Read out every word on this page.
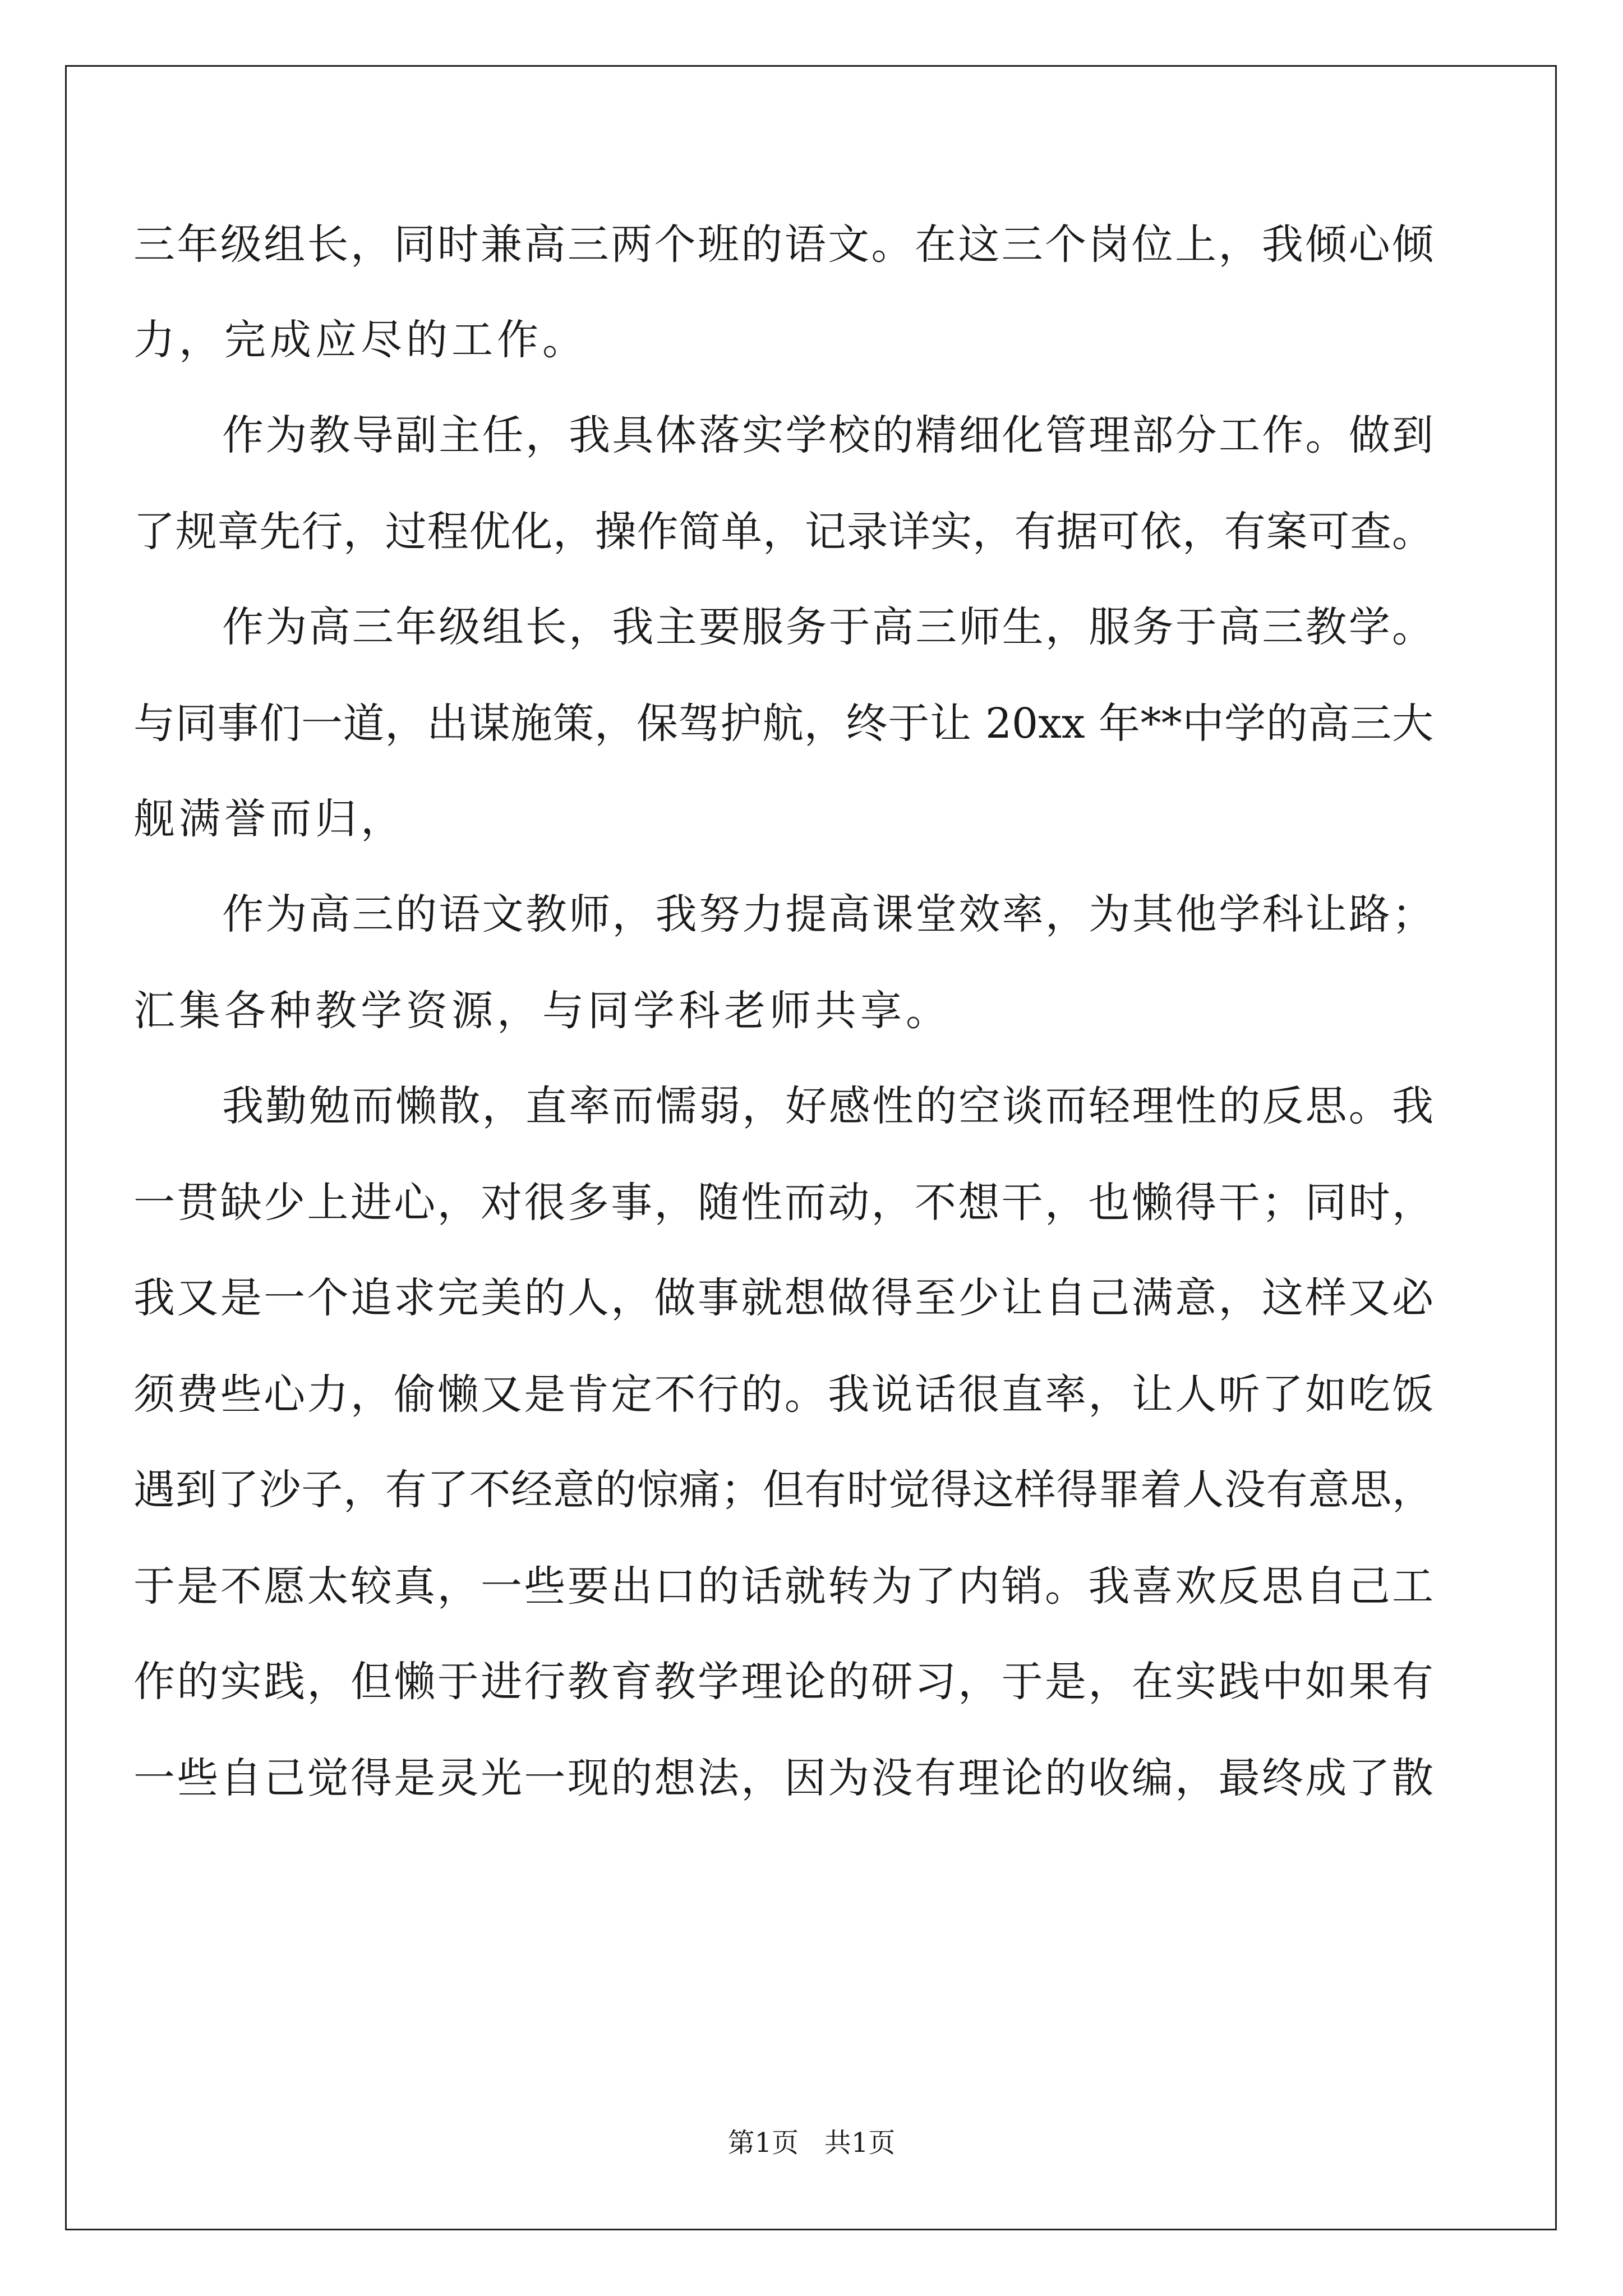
三年级组长，同时兼高三两个班的语文。在这三个岗位上，我倾心倾
力，完成应尽的工作。
作为教导副主任，我具体落实学校的精细化管理部分工作。做到
了规章先行，过程优化，操作简单，记录详实，有据可依，有案可查。
作为高三年级组长，我主要服务于高三师生，服务于高三教学。
与同事们一道，出谋施策，保驾护航，终于让 20xx 年**中学的高三大
舰满誉而归，
作为高三的语文教师，我努力提高课堂效率，为其他学科让路；
汇集各种教学资源，与同学科老师共享。
我勤勉而懒散，直率而懦弱，好感性的空谈而轻理性的反思。我
一贯缺少上进心，对很多事，随性而动，不想干，也懒得干；同时，
我又是一个追求完美的人，做事就想做得至少让自己满意，这样又必
须费些心力，偷懒又是肯定不行的。我说话很直率，让人听了如吃饭
遇到了沙子，有了不经意的惊痛；但有时觉得这样得罪着人没有意思，
于是不愿太较真，一些要出口的话就转为了内销。我喜欢反思自己工
作的实践，但懒于进行教育教学理论的研习，于是，在实践中如果有
一些自己觉得是灵光一现的想法，因为没有理论的收编，最终成了散
第1页   共1页
